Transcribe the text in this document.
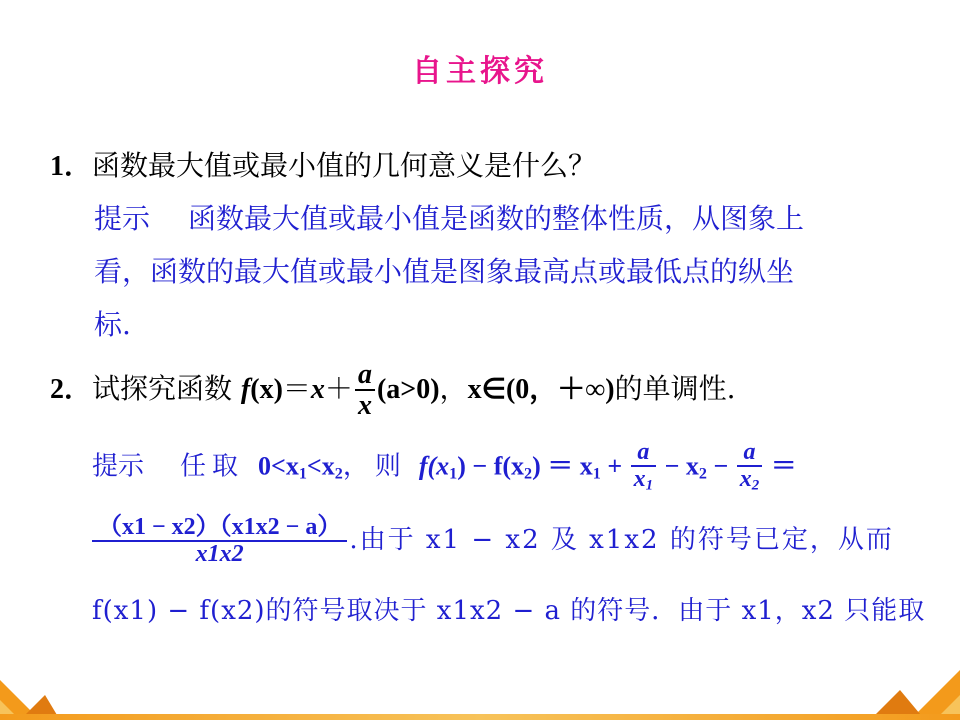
自主探究
1．函数最大值或最小值的几何意义是什么？
提示 函数最大值或最小值是函数的整体性质，从图象上
看，函数的最大值或最小值是图象最高点或最低点的纵坐
标.
2．试探究函数 $f(x)=x+ \frac{a}{x} (a>0)$，x∈(0，＋∞)的单调性.
提示 任取 $0<x_1<x_2$，则 $f(x_1) - f(x_2) = x_1 + \frac{a}{x_1} - x_2 - \frac{a}{x_2}$ ＝
$\frac{(x1 - x2)(x1x2 - a)}{x1x2}$ .由于 x1 − x2 及 x1x2 的符号已定，从而
f(x1) − f(x2)的符号取决于 x1x2 − a 的符号．由于 x1，x2 只能取
